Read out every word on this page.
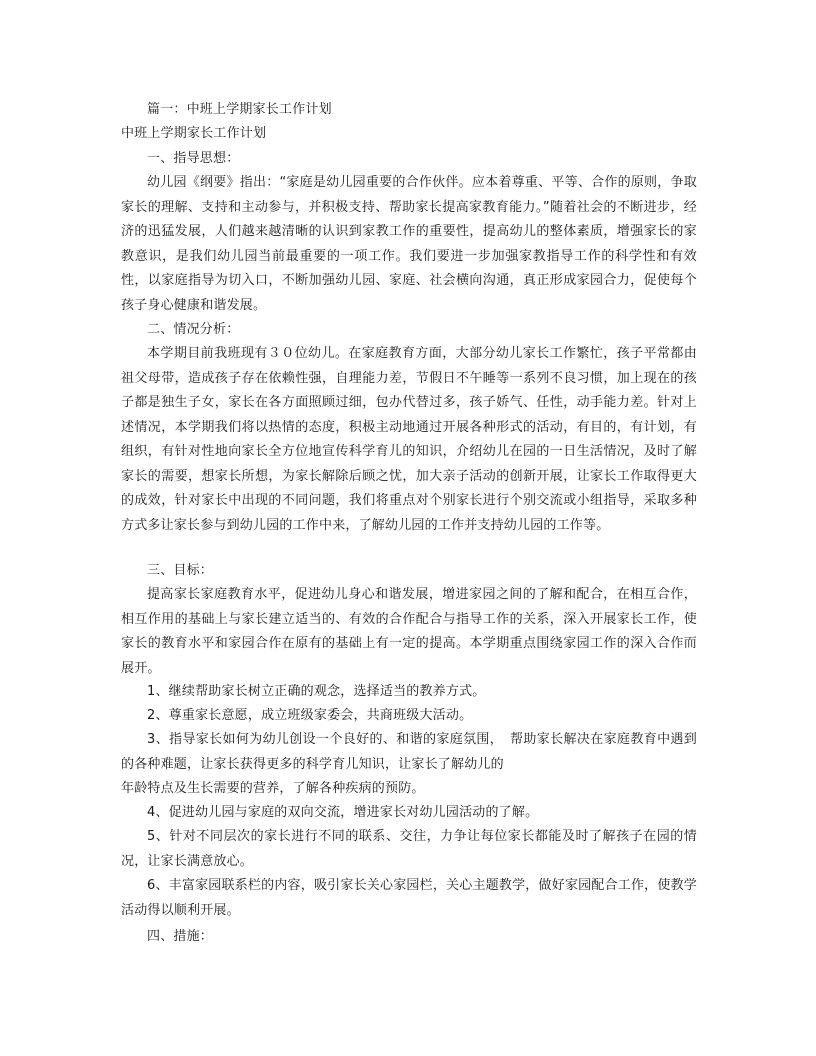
篇一：中班上学期家长工作计划
中班上学期家长工作计划
一、指导思想：
幼儿园《纲要》指出：“家庭是幼儿园重要的合作伙伴。应本着尊重、平等、合作的原则，争取家长的理解、支持和主动参与，并积极支持、帮助家长提高家教育能力。”随着社会的不断进步，经济的迅猛发展，人们越来越清晰的认识到家教工作的重要性，提高幼儿的整体素质，增强家长的家教意识，是我们幼儿园当前最重要的一项工作。我们要进一步加强家教指导工作的科学性和有效性，以家庭指导为切入口，不断加强幼儿园、家庭、社会横向沟通，真正形成家园合力，促使每个孩子身心健康和谐发展。
二、情况分析：
本学期目前我班现有３０位幼儿。在家庭教育方面，大部分幼儿家长工作繁忙，孩子平常都由祖父母带，造成孩子存在依赖性强，自理能力差，节假日不午睡等一系列不良习惯，加上现在的孩子都是独生子女，家长在各方面照顾过细，包办代替过多，孩子娇气、任性，动手能力差。针对上述情况，本学期我们将以热情的态度，积极主动地通过开展各种形式的活动，有目的，有计划，有组织，有针对性地向家长全方位地宣传科学育儿的知识，介绍幼儿在园的一日生活情况，及时了解家长的需要，想家长所想，为家长解除后顾之忧，加大亲子活动的创新开展，让家长工作取得更大的成效，针对家长中出现的不同问题，我们将重点对个别家长进行个别交流或小组指导，采取多种方式多让家长参与到幼儿园的工作中来，了解幼儿园的工作并支持幼儿园的工作等。
三、目标：
提高家长家庭教育水平，促进幼儿身心和谐发展，增进家园之间的了解和配合，在相互合作，相互作用的基础上与家长建立适当的、有效的合作配合与指导工作的关系，深入开展家长工作，使家长的教育水平和家园合作在原有的基础上有一定的提高。本学期重点围绕家园工作的深入合作而展开。
1、继续帮助家长树立正确的观念，选择适当的教养方式。
2、尊重家长意愿，成立班级家委会，共商班级大活动。
3、指导家长如何为幼儿创设一个良好的、和谐的家庭氛围，　帮助家长解决在家庭教育中遇到的各种难题，让家长获得更多的科学育儿知识，让家长了解幼儿的
年龄特点及生长需要的营养，了解各种疾病的预防。
4、促进幼儿园与家庭的双向交流，增进家长对幼儿园活动的了解。
5、针对不同层次的家长进行不同的联系、交往，力争让每位家长都能及时了解孩子在园的情况，让家长满意放心。
6、丰富家园联系栏的内容，吸引家长关心家园栏，关心主题教学，做好家园配合工作，使教学活动得以顺利开展。
四、措施：
